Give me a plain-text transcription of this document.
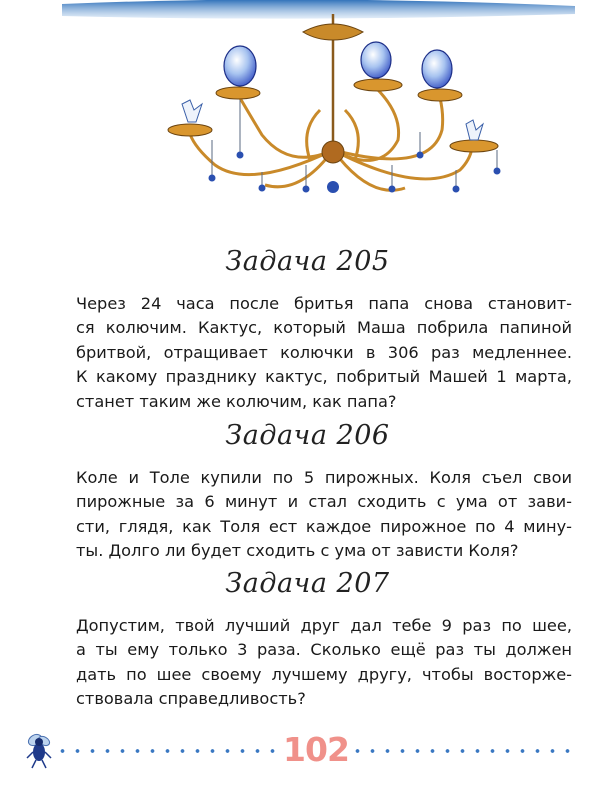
Задача 205
Через 24 часа после бритья папа снова становит-
ся колючим. Кактус, который Маша побрила папиной
бритвой, отращивает колючки в 306 раз медленнее.
К какому празднику кактус, побритый Машей 1 марта,
станет таким же колючим, как папа?
Задача 206
Коле и Толе купили по 5 пирожных. Коля съел свои
пирожные за 6 минут и стал сходить с ума от зави-
сти, глядя, как Толя ест каждое пирожное по 4 мину-
ты. Долго ли будет сходить с ума от зависти Коля?
Задача 207
Допустим, твой лучший друг дал тебе 9 раз по шее,
а ты ему только 3 раза. Сколько ещё раз ты должен
дать по шее своему лучшему другу, чтобы восторже-
ствовала справедливость?
102
